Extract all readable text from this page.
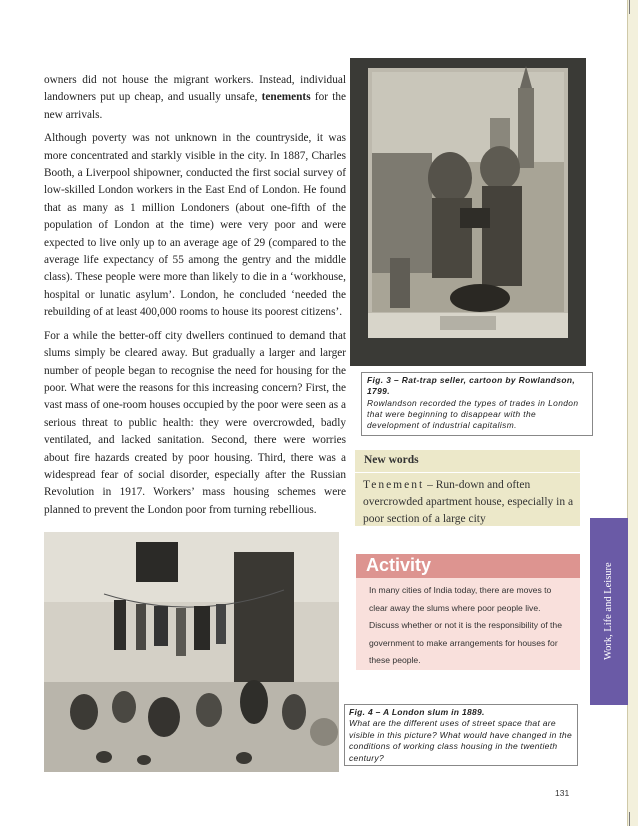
owners did not house the migrant workers. Instead, individual landowners put up cheap, and usually unsafe, tenements for the new arrivals.

Although poverty was not unknown in the countryside, it was more concentrated and starkly visible in the city. In 1887, Charles Booth, a Liverpool shipowner, conducted the first social survey of low-skilled London workers in the East End of London. He found that as many as 1 million Londoners (about one-fifth of the population of London at the time) were very poor and were expected to live only up to an average age of 29 (compared to the average life expectancy of 55 among the gentry and the middle class). These people were more than likely to die in a ‘workhouse, hospital or lunatic asylum’. London, he concluded ‘needed the rebuilding of at least 400,000 rooms to house its poorest citizens’.

For a while the better-off city dwellers continued to demand that slums simply be cleared away. But gradually a larger and larger number of people began to recognise the need for housing for the poor. What were the reasons for this increasing concern? First, the vast mass of one-room houses occupied by the poor were seen as a serious threat to public health: they were overcrowded, badly ventilated, and lacked sanitation. Second, there were worries about fire hazards created by poor housing. Third, there was a widespread fear of social disorder, especially after the Russian Revolution in 1917. Workers’ mass housing schemes were planned to prevent the London poor from turning rebellious.

Fig. 3 – Rat-trap seller, cartoon by Rowlandson, 1799.
Rowlandson recorded the types of trades in London that were beginning to disappear with the development of industrial capitalism.
New words
Tenement – Run-down and often overcrowded apartment house, especially in a poor section of a large city
Activity
In many cities of India today, there are moves to clear away the slums where poor people live. Discuss whether or not it is the responsibility of the government to make arrangements for houses for these people.
Fig. 4 – A London slum in 1889.
What are the different uses of street space that are visible in this picture? What would have changed in the conditions of working class housing in the twentieth century?
Work, Life and Leisure
131
